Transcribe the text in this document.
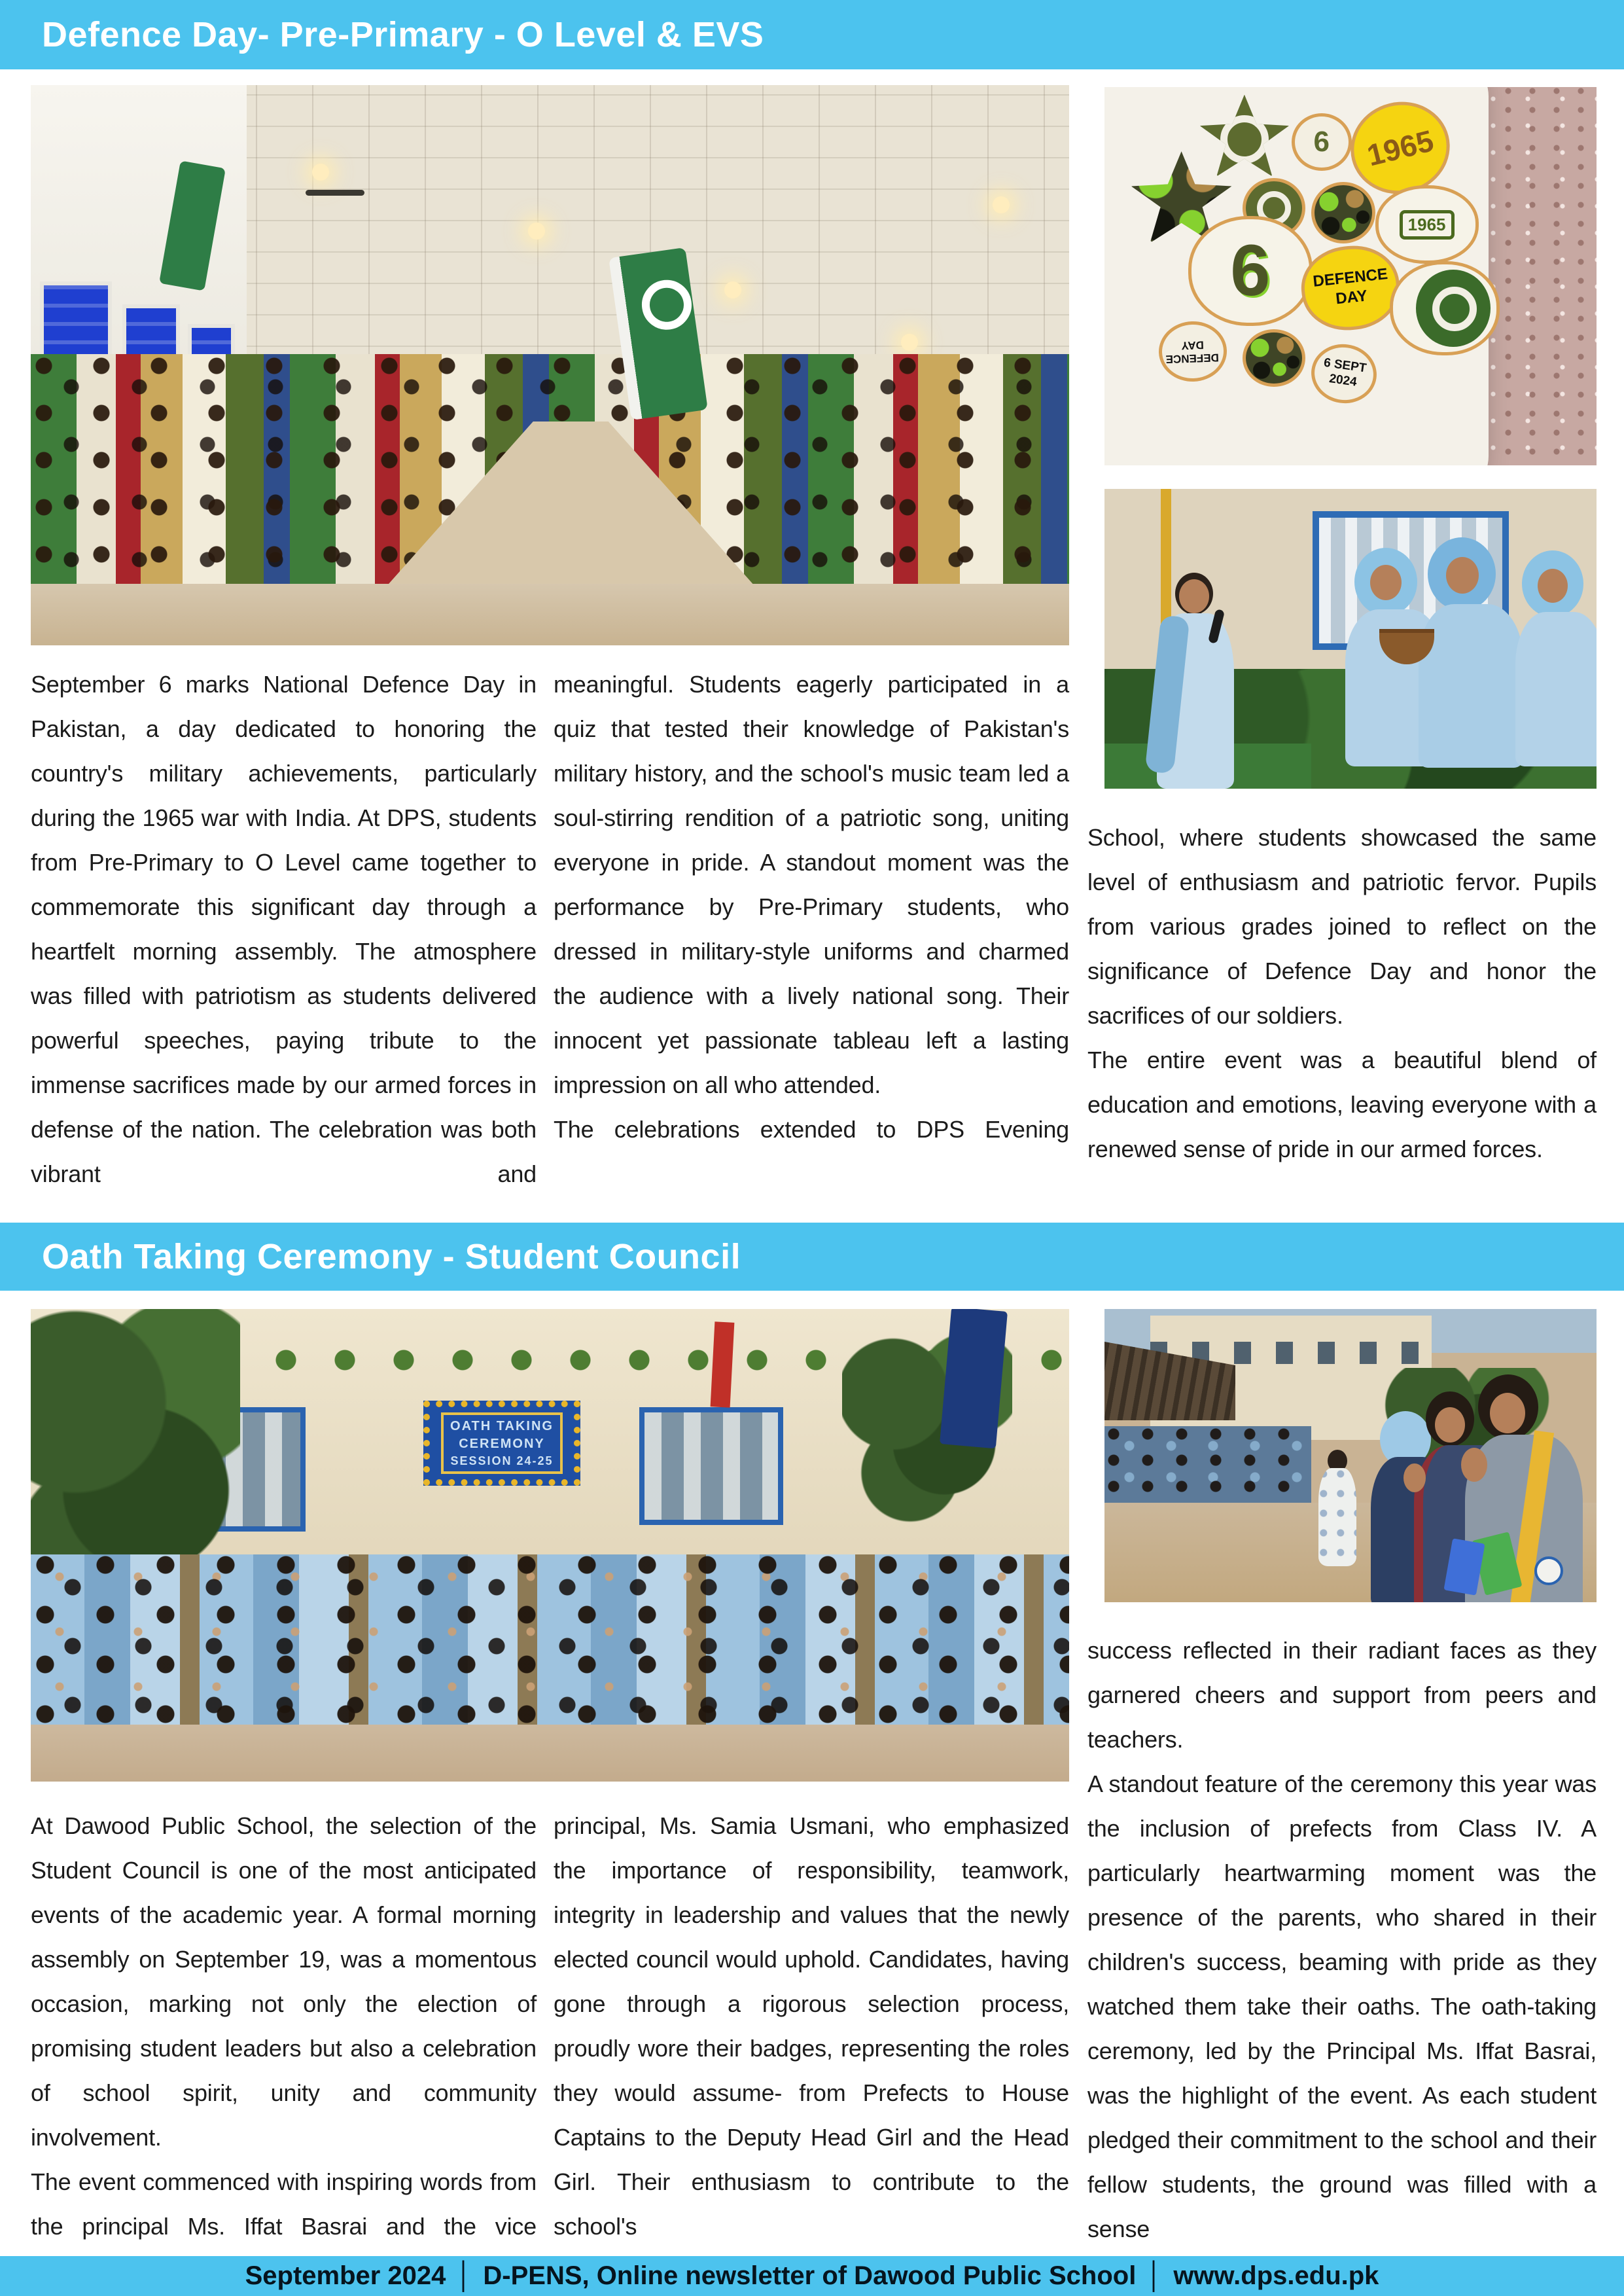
Defence Day- Pre-Primary - O Level & EVS
6 1965
1965
6	DEFENCE DAY
DEFENCE DAY
6 SEPT 2024

September 6 marks National Defence Day in Pakistan, a day dedicated to honoring the country's military achievements, particularly during the 1965 war with India. At DPS, students from Pre-Primary to O Level came together to commemorate this significant day through a heartfelt morning assembly. The atmosphere was filled with patriotism as students delivered powerful speeches, paying tribute to the immense sacrifices made by our armed forces in defense of the nation. The celebration was both vibrant and

meaningful. Students eagerly participated in a quiz that tested their knowledge of Pakistan's military history, and the school's music team led a soul-stirring rendition of a patriotic song, uniting everyone in pride. A standout moment was the performance by Pre-Primary students, who dressed in military-style uniforms and charmed the audience with a lively national song. Their innocent yet passionate tableau left a lasting impression on all who attended.

The celebrations extended to DPS Evening

School, where students showcased the same level of enthusiasm and patriotic fervor. Pupils from various grades joined to reflect on the significance of Defence Day and honor the sacrifices of our soldiers.

The entire event was a beautiful blend of education and emotions, leaving everyone with a renewed sense of pride in our armed forces.

Oath Taking Ceremony - Student Council
OATH TAKING
CEREMONY
SESSION 24-25

At Dawood Public School, the selection of the Student Council is one of the most anticipated events of the academic year. A formal morning assembly on September 19, was a momentous occasion, marking not only the election of promising student leaders but also a celebration of school spirit, unity and community involvement.

The event commenced with inspiring words from the principal Ms. Iffat Basrai and the vice

principal, Ms. Samia Usmani, who emphasized the importance of responsibility, teamwork, integrity in leadership and values that the newly elected council would uphold. Candidates, having gone through a rigorous selection process, proudly wore their badges, representing the roles they would assume- from Prefects to House Captains to the Deputy Head Girl and the Head Girl. Their enthusiasm to contribute to the school's

success reflected in their radiant faces as they garnered cheers and support from peers and teachers.

A standout feature of the ceremony this year was the inclusion of prefects from Class IV. A particularly heartwarming moment was the presence of the parents, who shared in their children's success, beaming with pride as they watched them take their oaths. The oath-taking ceremony, led by the Principal Ms. Iffat Basrai, was the highlight of the event. As each student pledged their commitment to the school and their fellow students, the ground was filled with a sense

September 2024 │ D-PENS, Online newsletter of Dawood Public School │ www.dps.edu.pk
